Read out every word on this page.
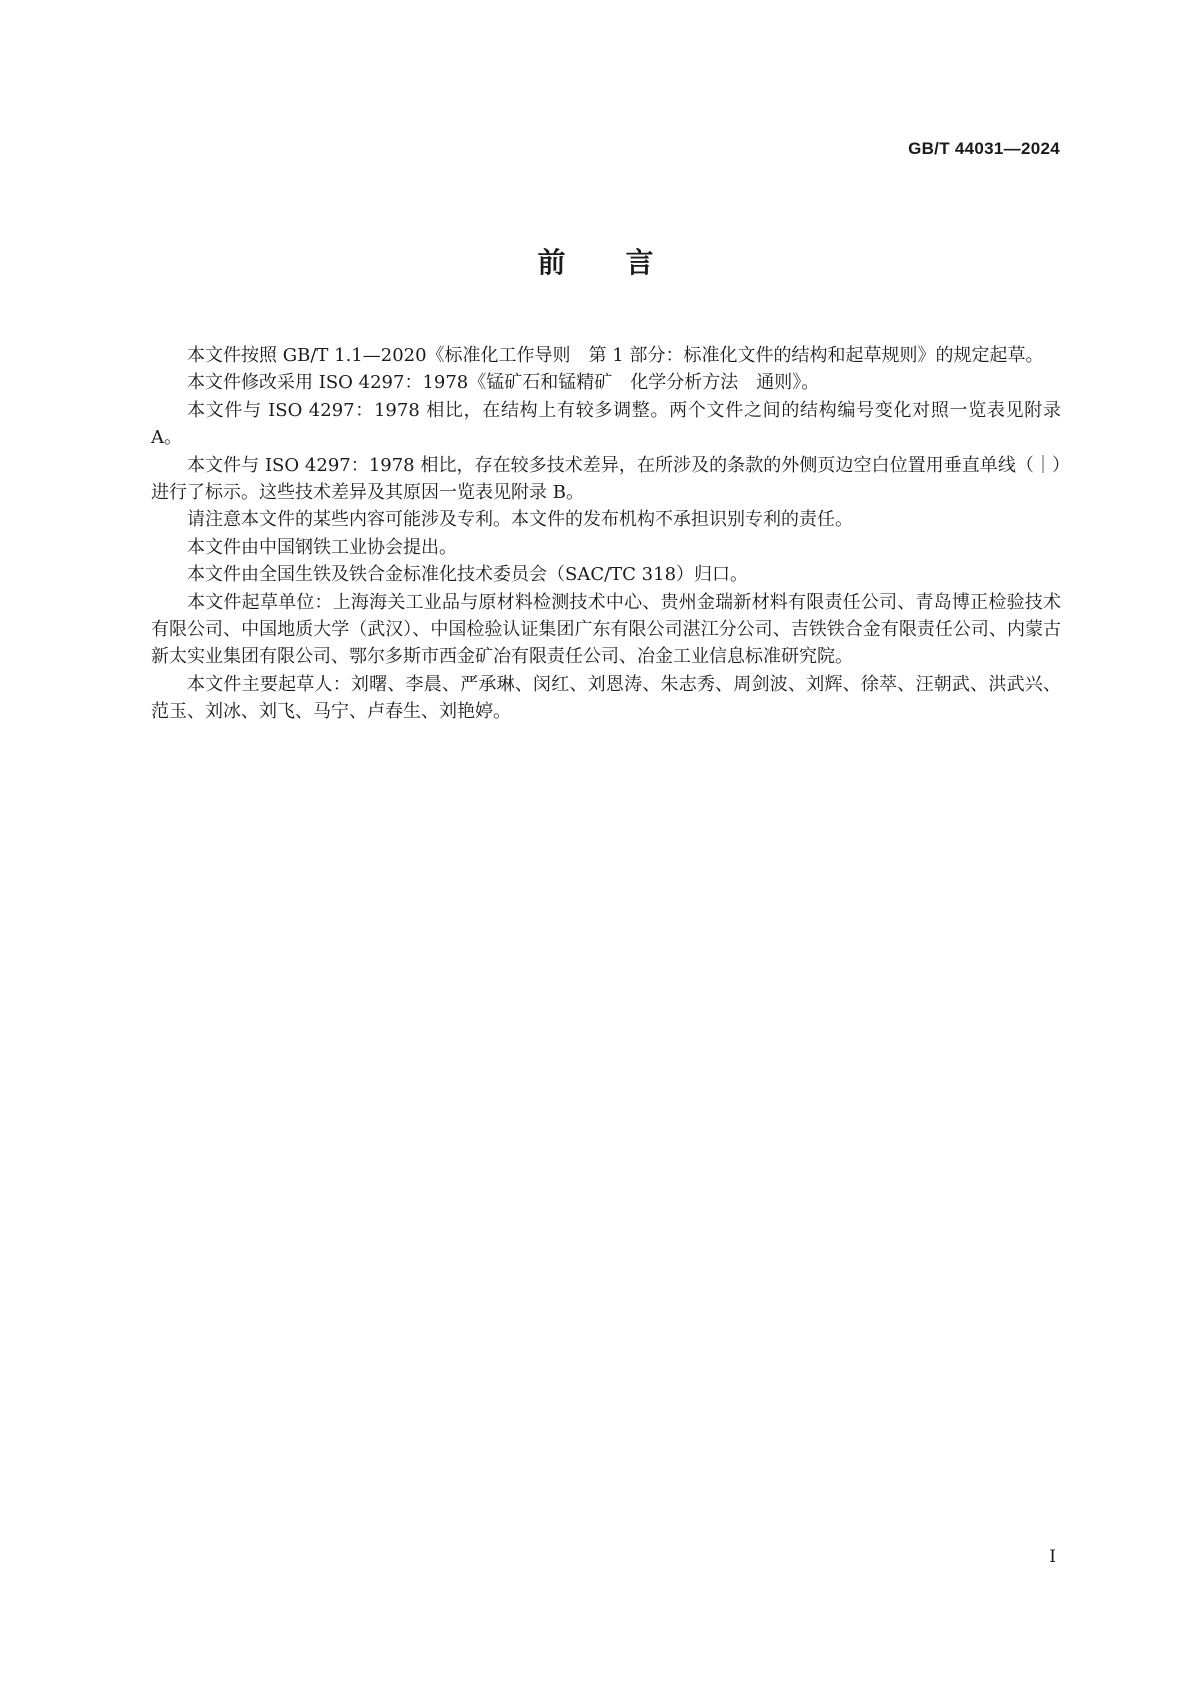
GB/T 44031—2024
前言

本文件按照 GB/T 1.1—2020《标准化工作导则　第 1 部分：标准化文件的结构和起草规则》的规定起草。

本文件修改采用 ISO 4297：1978《锰矿石和锰精矿　化学分析方法　通则》。

本文件与 ISO 4297：1978 相比，在结构上有较多调整。两个文件之间的结构编号变化对照一览表见附录 A。

本文件与 ISO 4297：1978 相比，存在较多技术差异，在所涉及的条款的外侧页边空白位置用垂直单线（｜）进行了标示。这些技术差异及其原因一览表见附录 B。

请注意本文件的某些内容可能涉及专利。本文件的发布机构不承担识别专利的责任。

本文件由中国钢铁工业协会提出。

本文件由全国生铁及铁合金标准化技术委员会（SAC/TC 318）归口。

本文件起草单位：上海海关工业品与原材料检测技术中心、贵州金瑞新材料有限责任公司、青岛博正检验技术有限公司、中国地质大学（武汉）、中国检验认证集团广东有限公司湛江分公司、吉铁铁合金有限责任公司、内蒙古新太实业集团有限公司、鄂尔多斯市西金矿冶有限责任公司、冶金工业信息标准研究院。

本文件主要起草人：刘曙、李晨、严承琳、闵红、刘恩涛、朱志秀、周剑波、刘辉、徐萃、汪朝武、洪武兴、范玉、刘冰、刘飞、马宁、卢春生、刘艳婷。

I
